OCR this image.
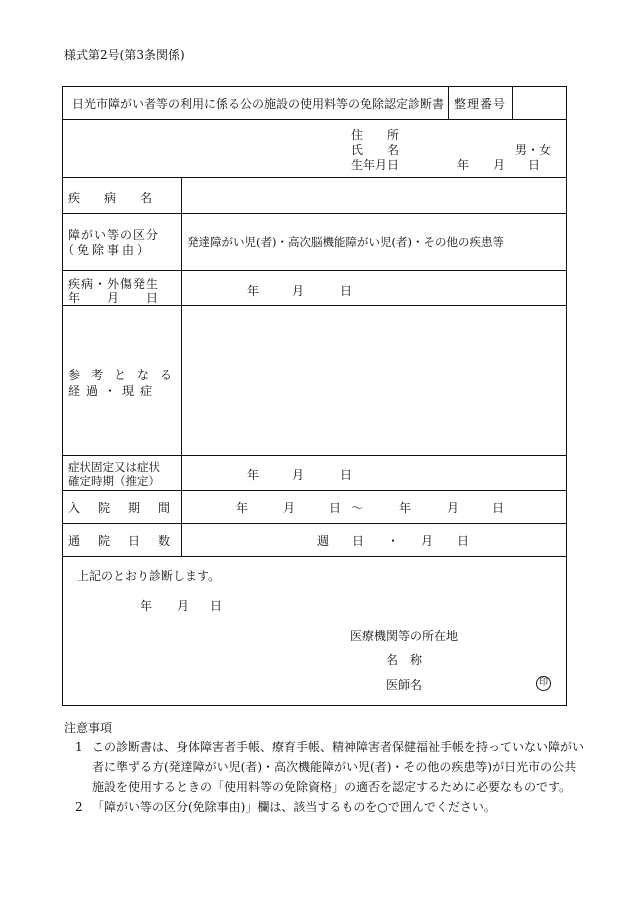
様式第2号(第3条関係)
日光市障がい者等の利用に係る公の施設の使用料等の免除認定診断書 整理番号
住　　所
氏　　名	男・女
生年月日	年 月 日
疾　　病　　名
障がい等の区分
（免除事由）
発達障がい児(者)・高次脳機能障がい児(者)・その他の疾患等
疾病・外傷発生
年　　月　　日	年	月	日
参考となる
経過・現症
症状固定又は症状
確定時期（推定）	年	月	日
入　院　期　間	年	月	日 ～	年	月	日
通　院　日　数	週 日 ・ 月 日
上記のとおり診断します。
年 月 日
医療機関等の所在地
名　称
医師名	印
注意事項
1 この診断書は、身体障害者手帳、療育手帳、精神障害者保健福祉手帳を持っていない障がい者に準ずる方(発達障がい児(者)・高次機能障がい児(者)・その他の疾患等)が日光市の公共施設を使用するときの「使用料等の免除資格」の適否を認定するために必要なものです。
2 「障がい等の区分(免除事由)」欄は、該当するものを○で囲んでください。
